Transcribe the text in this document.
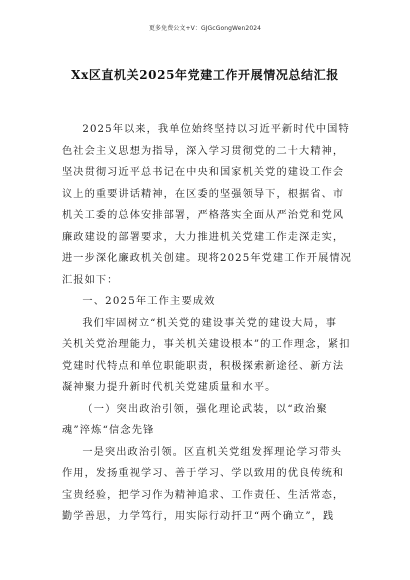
更多免费公文+V：GJGcGongWen2024
Xx区直机关2025年党建工作开展情况总结汇报

2025年以来，我单位始终坚持以习近平新时代中国特
色社会主义思想为指导，深入学习贯彻党的二十大精神，
坚决贯彻习近平总书记在中央和国家机关党的建设工作会
议上的重要讲话精神，在区委的坚强领导下，根据省、市
机关工委的总体安排部署，严格落实全面从严治党和党风
廉政建设的部署要求，大力推进机关党建工作走深走实，
进一步深化廉政机关创建。现将2025年党建工作开展情况
汇报如下：

一、2025年工作主要成效

我们牢固树立“机关党的建设事关党的建设大局，事
关机关党治理能力，事关机关建设根本”的工作理念，紧扣
党建时代特点和单位职能职责，积极探索新途径、新方法
凝神聚力提升新时代机关党建质量和水平。

（一）突出政治引领，强化理论武装，以“政治聚
魂”淬炼“信念先锋

一是突出政治引领。区直机关党组发挥理论学习带头
作用，发扬重视学习、善于学习、学以致用的优良传统和
宝贵经验，把学习作为精神追求、工作责任、生活常态，
勤学善思，力学笃行，用实际行动扞卫“两个确立”，践
